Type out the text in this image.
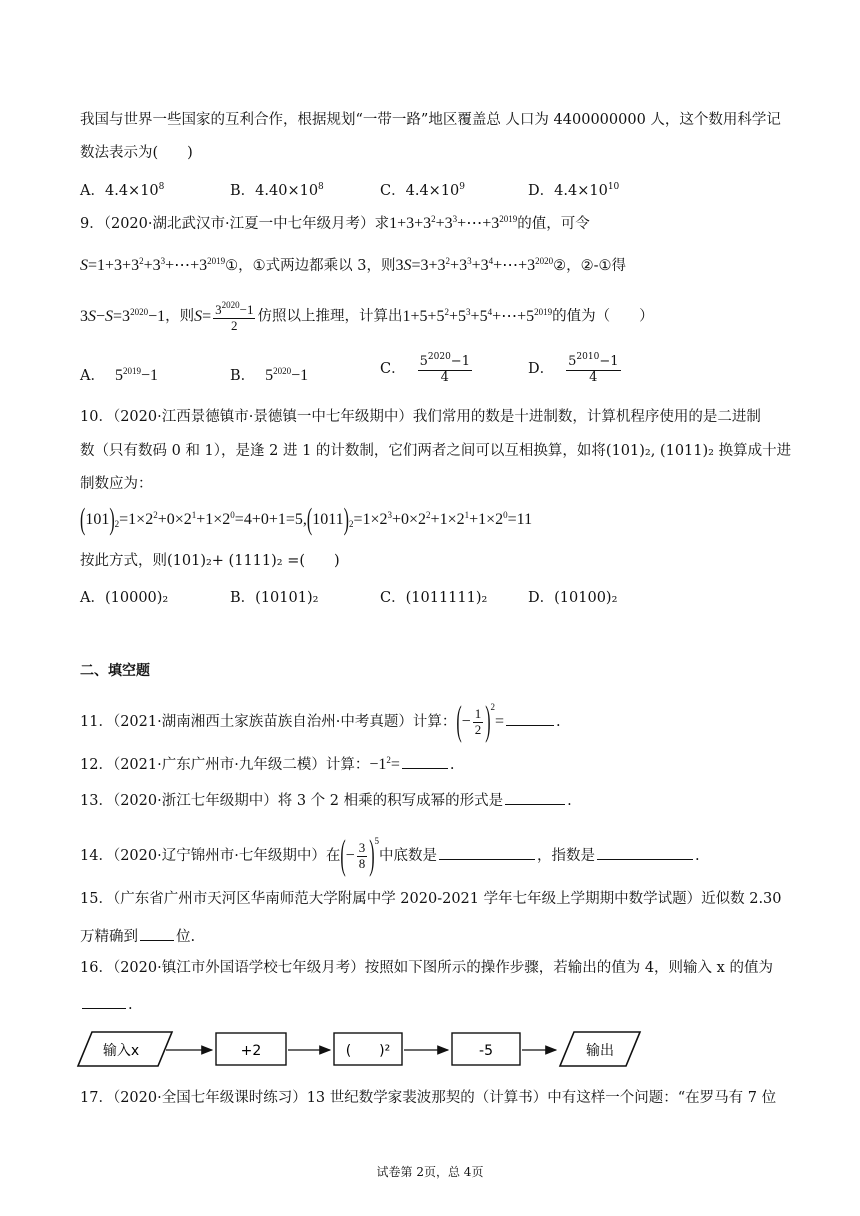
我国与世界一些国家的互利合作，根据规划“一带一路”地区覆盖总 人口为 4400000000 人，这个数用科学记
数法表示为(　　)
A．$4.4\times 10^8$	B．$4.40\times 10^8$	C．$4.4\times 10^9$	D．$4.4\times 10^{10}$
9．（2020·湖北武汉市·江夏一中七年级月考）求$1+3+3^2+3^3+\cdots+3^{2019}$的值，可令
$S=1+3+3^2+3^3+\cdots+3^{2019}①$，①式两边都乘以 3，则$3S=3+3^2+3^3+3^4+\cdots+3^{2020}②$，②-①得
$3S-S=3^{2020}-1$，则$S= \frac{3^{2020}-1}{2}$ 仿照以上推理，计算出$1+5+5^2+5^3+5^4+\cdots+5^{2019}$的值为（　　）
A． $5^{2019}-1$	B． $5^{2020}-1$	C． $\frac{5^{2020}-1}{4}$	D． $\frac{5^{2010}-1}{4}$
10．（2020·江西景德镇市·景德镇一中七年级期中）我们常用的数是十进制数，计算机程序使用的是二进制
数（只有数码 0 和 1），是逢 2 进 1 的计数制，它们两者之间可以互相换算，如将(101)₂, (1011)₂ 换算成十进
制数应为：
$(101)_2=1\times 2^2+0\times 2^1+1\times 2^0=4+0+1=5,(1011)_2=1\times 2^3+0\times 2^2+1\times 2^1+1\times 2^0=11$
按此方式，则(101)₂+ (1111)₂ =(　　)
A．(10000)₂	B．(10101)₂	C．(1011111)₂	D．(10100)₂
二、填空题
11．（2021·湖南湘西土家族苗族自治州·中考真题）计算：(− $\frac{1}{2} )^2=$	.
12．（2021·广东广州市·九年级二模）计算：$-1^2=$	.
13．（2020·浙江七年级期中）将 3 个 2 相乘的积写成幂的形式是	.
14．（2020·辽宁锦州市·七年级期中）在(− $\frac{3}{8} )^5$中底数是	，指数是	.
15．（广东省广州市天河区华南师范大学附属中学 2020-2021 学年七年级上学期期中数学试题）近似数 2.30
万精确到	位.
16．（2020·镇江市外国语学校七年级月考）按照如下图所示的操作步骤，若输出的值为 4，则输入 x 的值为
.
输入x	+2	(　　)²	-5	输出
17．（2020·全国七年级课时练习）13 世纪数学家裴波那契的（计算书）中有这样一个问题：“在罗马有 7 位
试卷第 2页，总 4页
